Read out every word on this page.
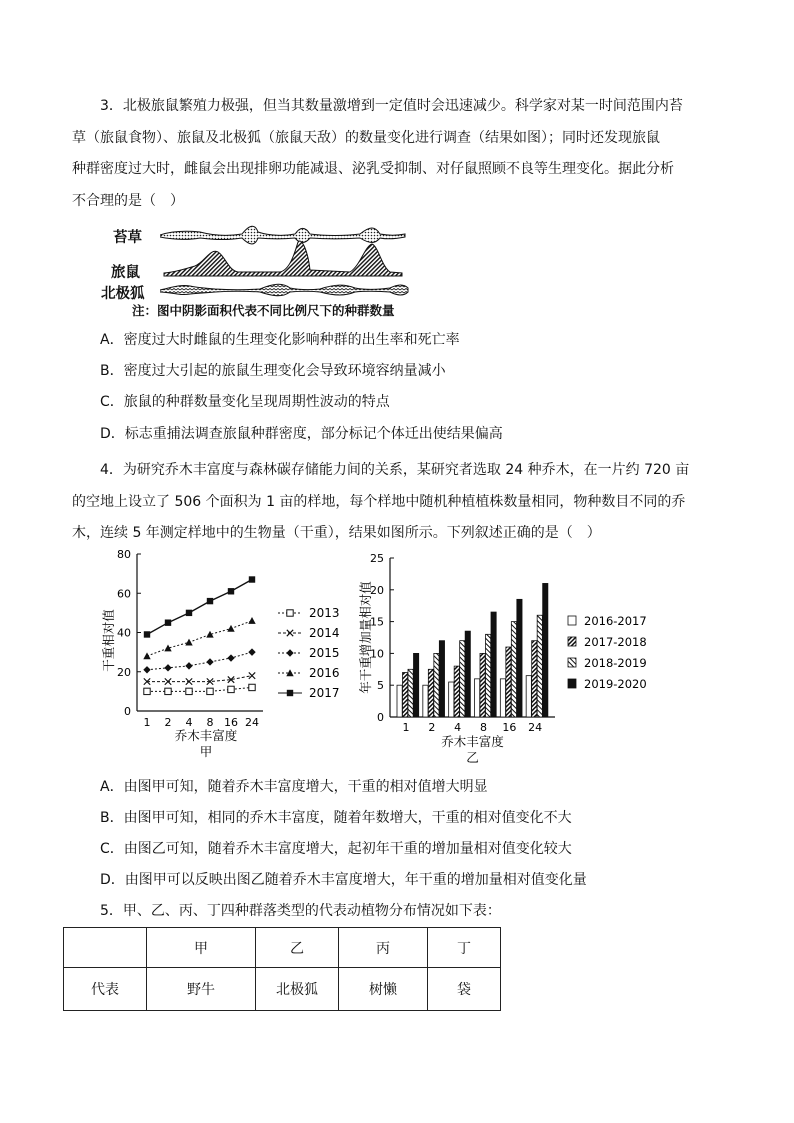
3．北极旅鼠繁殖力极强，但当其数量激增到一定值时会迅速减少。科学家对某一时间范围内苔
草（旅鼠食物）、旅鼠及北极狐（旅鼠天敌）的数量变化进行调查（结果如图）；同时还发现旅鼠
种群密度过大时，雌鼠会出现排卵功能减退、泌乳受抑制、对仔鼠照顾不良等生理变化。据此分析
不合理的是（　）

苔草
旅鼠
北极狐
注：图中阴影面积代表不同比例尺下的种群数量
A．密度过大时雌鼠的生理变化影响种群的出生率和死亡率
B．密度过大引起的旅鼠生理变化会导致环境容纳量减小
C．旅鼠的种群数量变化呈现周期性波动的特点
D．标志重捕法调查旅鼠种群密度，部分标记个体迁出使结果偏高

4．为研究乔木丰富度与森林碳存储能力间的关系，某研究者选取 24 种乔木，在一片约 720 亩
的空地上设立了 506 个面积为 1 亩的样地，每个样地中随机种植植株数量相同，物种数目不同的乔
木，连续 5 年测定样地中的生物量（干重），结果如图所示。下列叙述正确的是（　）

0
20
40
60
80
1 2 4 8 16 24
乔木丰富度
甲
干重相对值	2013
2014
2015
2016
2017
0
5
10
15
20
25
1 2 4 8 16 24
乔木丰富度
乙
年干重增加量相对值	2016-2017
2017-2018
2018-2019
2019-2020
A．由图甲可知，随着乔木丰富度增大，干重的相对值增大明显
B．由图甲可知，相同的乔木丰富度，随着年数增大，干重的相对值变化不大
C．由图乙可知，随着乔木丰富度增大，起初年干重的增加量相对值变化较大
D．由图甲可以反映出图乙随着乔木丰富度增大，年干重的增加量相对值变化量
5．甲、乙、丙、丁四种群落类型的代表动植物分布情况如下表：
	甲	乙	丙	丁
代表	野牛	北极狐	树懒	袋
